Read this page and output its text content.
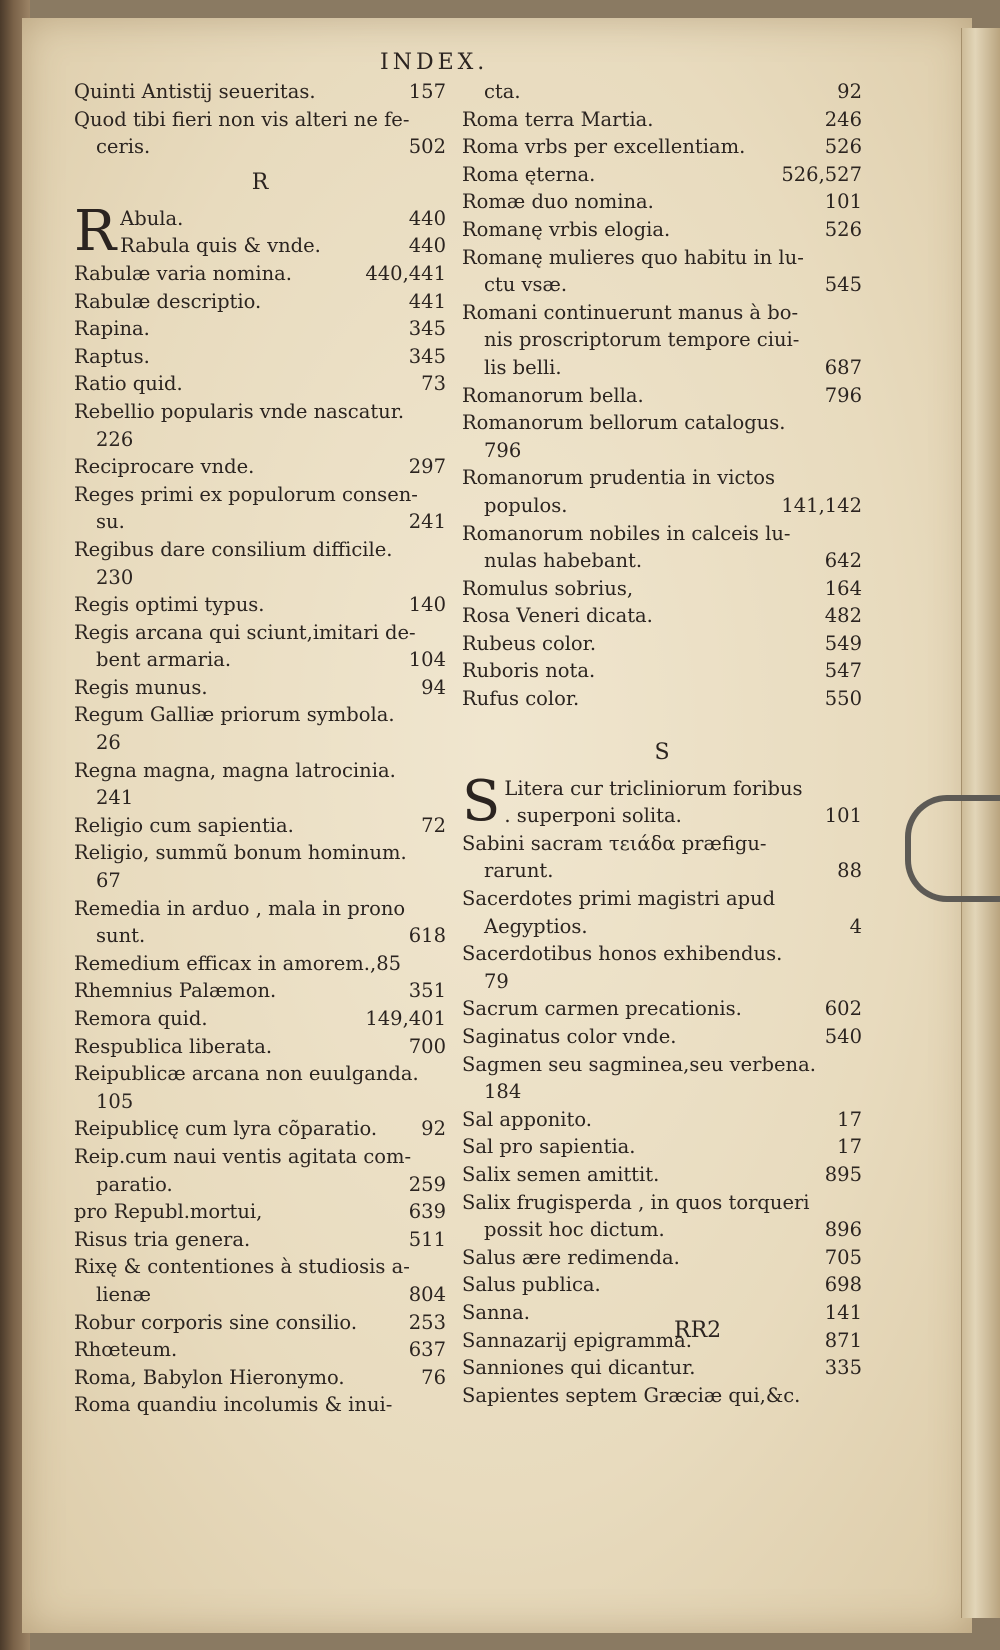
INDEX.
Quinti Antistij seueritas.	157
Quod tibi fieri non vis alteri ne fe-
ceris.	502
R
R Abula.	440
Rabula quis & vnde.	440
Rabulæ varia nomina.	440,441
Rabulæ descriptio.	441
Rapina.	345
Raptus.	345
Ratio quid.	73
Rebellio popularis vnde nascatur.
226
Reciprocare vnde.	297
Reges primi ex populorum consen-
su.	241
Regibus dare consilium difficile.
230
Regis optimi typus.	140
Regis arcana qui sciunt,imitari de-
bent armaria.	104
Regis munus.	94
Regum Galliæ priorum symbola.
26
Regna magna, magna latrocinia.
241
Religio cum sapientia.	72
Religio, summũ bonum hominum.
67
Remedia in arduo , mala in prono
sunt.	618
Remedium efficax in amorem.,85
Rhemnius Palæmon.	351
Remora quid.	149,401
Respublica liberata.	700
Reipublicæ arcana non euulganda.
105
Reipublicę cum lyra cõparatio. 92
Reip.cum naui ventis agitata com-
paratio.	259
pro Republ.mortui,	639
Risus tria genera.	511
Rixę & contentiones à studiosis a-
lienæ	804
Robur corporis sine consilio.	253
Rhœteum.	637
Roma, Babylon Hieronymo.	76
Roma quandiu incolumis & inui-
cta.	92
Roma terra Martia.	246
Roma vrbs per excellentiam.	526
Roma ęterna.	526,527
Romæ duo nomina.	101
Romanę vrbis elogia.	526
Romanę mulieres quo habitu in lu-
ctu vsæ.	545
Romani continuerunt manus à bo-
nis proscriptorum tempore ciui-
lis belli.	687
Romanorum bella.	796
Romanorum bellorum catalogus.
796
Romanorum prudentia in victos
populos.	141,142
Romanorum nobiles in calceis lu-
nulas habebant.	642
Romulus sobrius,	164
Rosa Veneri dicata.	482
Rubeus color.	549
Ruboris nota.	547
Rufus color.	550
S
S Litera cur tricliniorum foribus
. superponi solita.	101
Sabini sacram τειάδα præfigu-
rarunt.	88
Sacerdotes primi magistri apud
Aegyptios.	4
Sacerdotibus honos exhibendus.
79
Sacrum carmen precationis.	602
Saginatus color vnde.	540
Sagmen seu sagminea,seu verbena.
184
Sal apponito.	17
Sal pro sapientia.	17
Salix semen amittit.	895
Salix frugisperda , in quos torqueri
possit hoc dictum.	896
Salus ære redimenda.	705
Salus publica.	698
Sanna.	141
Sannazarij epigramma.	871
Sanniones qui dicantur.	335
Sapientes septem Græciæ qui,&c.
RR2
